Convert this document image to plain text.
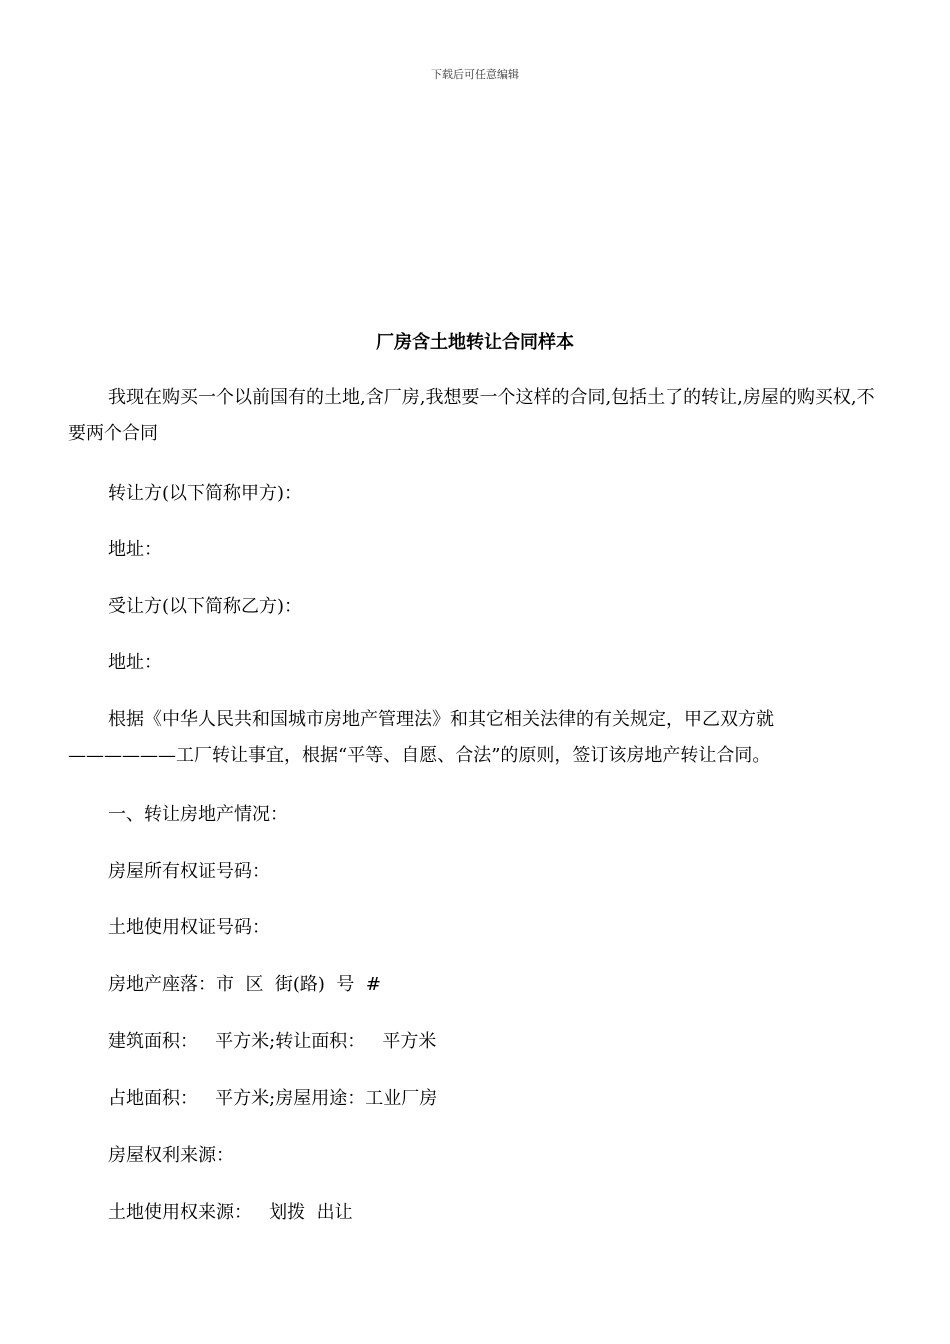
下载后可任意编辑
厂房含土地转让合同样本
我现在购买一个以前国有的土地,含厂房,我想要一个这样的合同,包括土了的转让,房屋的购买权,不要两个合同
转让方(以下简称甲方)：
地址：
受让方(以下简称乙方)：
地址：
根据《中华人民共和国城市房地产管理法》和其它相关法律的有关规定，甲乙双方就——————工厂转让事宜，根据“平等、自愿、合法”的原则，签订该房地产转让合同。
一、转让房地产情况：
房屋所有权证号码：
土地使用权证号码：
房地产座落：市  区  街(路)  号  #
建筑面积：   平方米;转让面积：   平方米
占地面积：   平方米;房屋用途：工业厂房
房屋权利来源：
土地使用权来源：   划拨  出让
